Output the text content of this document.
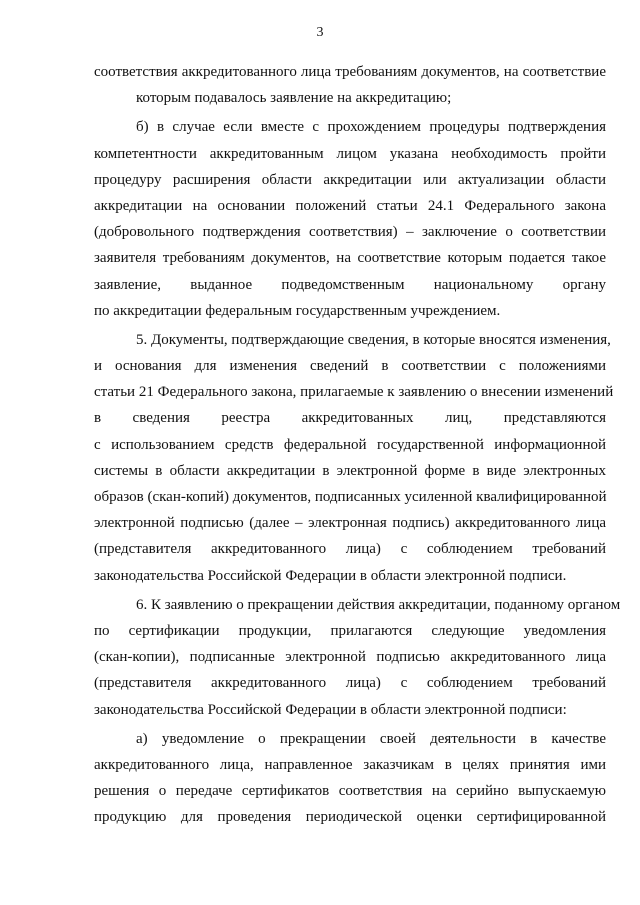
3
соответствия аккредитованного лица требованиям документов, на соответствие
которым подавалось заявление на аккредитацию;
б) в случае если вместе с прохождением процедуры подтверждения
компетентности аккредитованным лицом указана необходимость пройти
процедуру расширения области аккредитации или актуализации области
аккредитации на основании положений статьи 24.1 Федерального закона
(добровольного подтверждения соответствия) – заключение о соответствии
заявителя требованиям документов, на соответствие которым подается такое
заявление, выданное подведомственным национальному органу
по аккредитации федеральным государственным учреждением.
5. Документы, подтверждающие сведения, в которые вносятся изменения,
и основания для изменения сведений в соответствии с положениями
статьи 21 Федерального закона, прилагаемые к заявлению о внесении изменений
в сведения реестра аккредитованных лиц, представляются
с использованием средств федеральной государственной информационной
системы в области аккредитации в электронной форме в виде электронных
образов (скан-копий) документов, подписанных усиленной квалифицированной
электронной подписью (далее – электронная подпись) аккредитованного лица
(представителя аккредитованного лица) с соблюдением требований
законодательства Российской Федерации в области электронной подписи.
6. К заявлению о прекращении действия аккредитации, поданному органом
по сертификации продукции, прилагаются следующие уведомления
(скан-копии), подписанные электронной подписью аккредитованного лица
(представителя аккредитованного лица) с соблюдением требований
законодательства Российской Федерации в области электронной подписи:
а) уведомление о прекращении своей деятельности в качестве
аккредитованного лица, направленное заказчикам в целях принятия ими
решения о передаче сертификатов соответствия на серийно выпускаемую
продукцию для проведения периодической оценки сертифицированной
